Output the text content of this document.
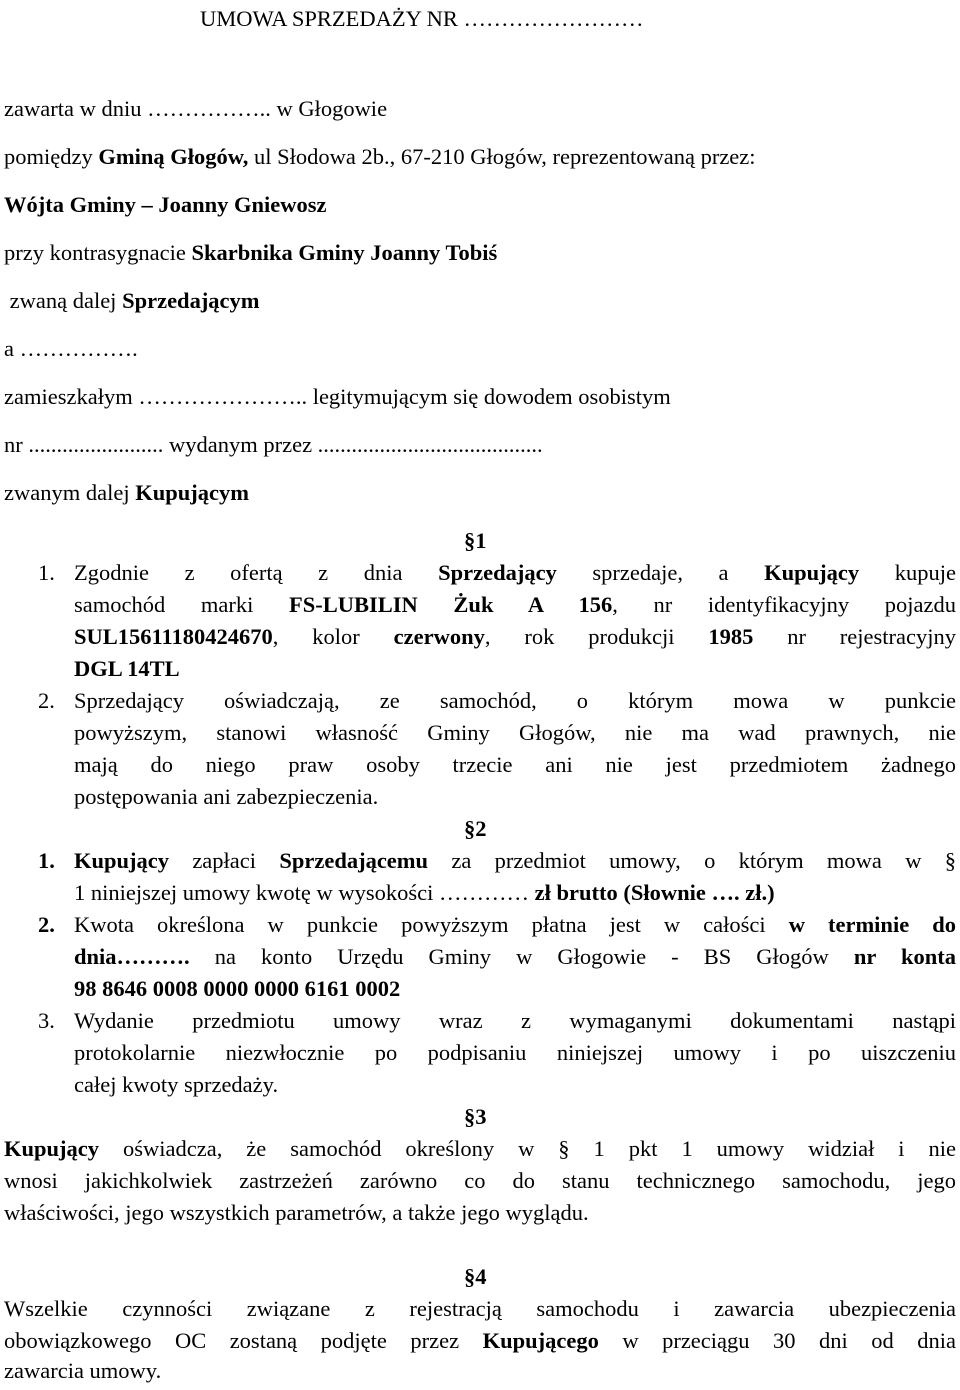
UMOWA SPRZEDAŻY NR ……………………
zawarta w dniu …………….. w Głogowie
pomiędzy Gminą Głogów, ul Słodowa 2b., 67-210 Głogów, reprezentowaną przez:
Wójta Gminy – Joanny Gniewosz
przy kontrasygnacie Skarbnika Gminy Joanny Tobiś
zwaną dalej Sprzedającym
a …………….
zamieszkałym ………………….. legitymującym się dowodem osobistym
nr ........................ wydanym przez ........................................
zwanym dalej Kupującym
§1
1. Zgodnie z ofertą z dnia Sprzedający sprzedaje, a Kupujący kupuje
samochód marki FS-LUBILIN Żuk A 156, nr identyfikacyjny pojazdu
SUL15611180424670, kolor czerwony, rok produkcji 1985 nr rejestracyjny
DGL 14TL
2. Sprzedający oświadczają, ze samochód, o którym mowa w punkcie
powyższym, stanowi własność Gminy Głogów, nie ma wad prawnych, nie
mają do niego praw osoby trzecie ani nie jest przedmiotem żadnego
postępowania ani zabezpieczenia.
§2
1. Kupujący zapłaci Sprzedającemu za przedmiot umowy, o którym mowa w §
1 niniejszej umowy kwotę w wysokości ………… zł brutto (Słownie …. zł.)
2. Kwota określona w punkcie powyższym płatna jest w całości w terminie do
dnia………. na konto Urzędu Gminy w Głogowie - BS Głogów nr konta
98 8646 0008 0000 0000 6161 0002
3. Wydanie przedmiotu umowy wraz z wymaganymi dokumentami nastąpi
protokolarnie niezwłocznie po podpisaniu niniejszej umowy i po uiszczeniu
całej kwoty sprzedaży.
§3
Kupujący oświadcza, że samochód określony w § 1 pkt 1 umowy widział i nie
wnosi jakichkolwiek zastrzeżeń zarówno co do stanu technicznego samochodu, jego
właściwości, jego wszystkich parametrów, a także jego wyglądu.
§4
Wszelkie czynności związane z rejestracją samochodu i zawarcia ubezpieczenia
obowiązkowego OC zostaną podjęte przez Kupującego w przeciągu 30 dni od dnia
zawarcia umowy.
